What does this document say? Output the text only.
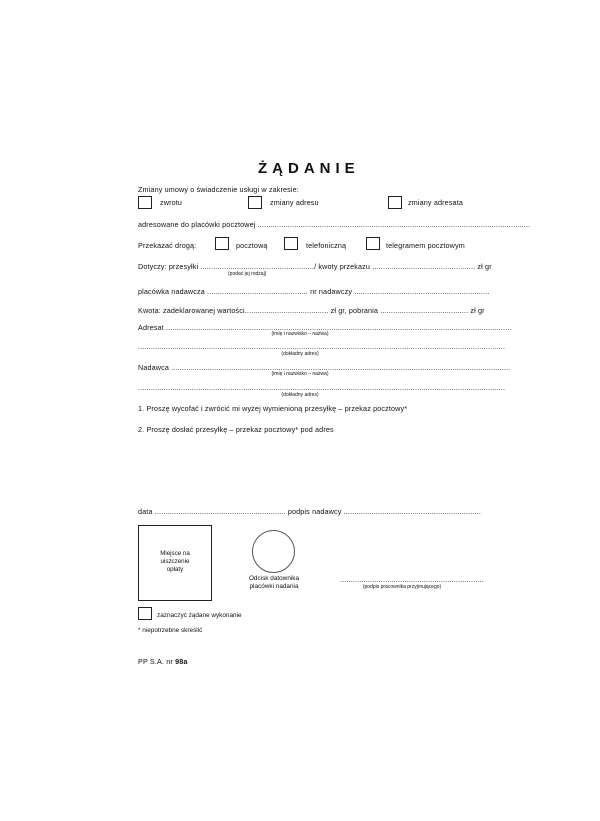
ŻĄDANIE
Zmiany umowy o świadczenie usługi w zakresie:
zwrotu	zmiany adresu	zmiany adresata
adresowane do placówki pocztowej ...............................................................................................................................
Przekazać drogą:	pocztową	telefoniczną	telegramem pocztowym
Dotyczy: przesyłki ...................................................../ kwoty przekazu ................................................ zł gr
(podać jej rodzaj)
placówka nadawcza ............................................... nr nadawczy ...............................................................
Kwota: zadeklarowanej wartości....................................... zł gr, pobrania ......................................... zł gr
Adresat .................................................................................................................................................................
(imię i nazwisko – nazwa)
...........................................................................................................................................................................
(dokładny adres)
Nadawca ..............................................................................................................................................................
(imię i nazwisko – nazwa)
...........................................................................................................................................................................
(dokładny adres)
1. Proszę wycofać i zwrócić mi wyżej wymienioną przesyłkę – przekaz pocztowy*
2. Proszę dosłać przesyłkę – przekaz pocztowy* pod adres
data ............................................................. podpis nadawcy ................................................................
Miejsce na
uiszczenie
opłaty
Odcisk datownika
placówki nadania
...................................................................
(podpis pracownika przyjmującego)
zaznaczyć żądane wykonanie
* niepotrzebne skreślić
PP S.A. nr 98a
